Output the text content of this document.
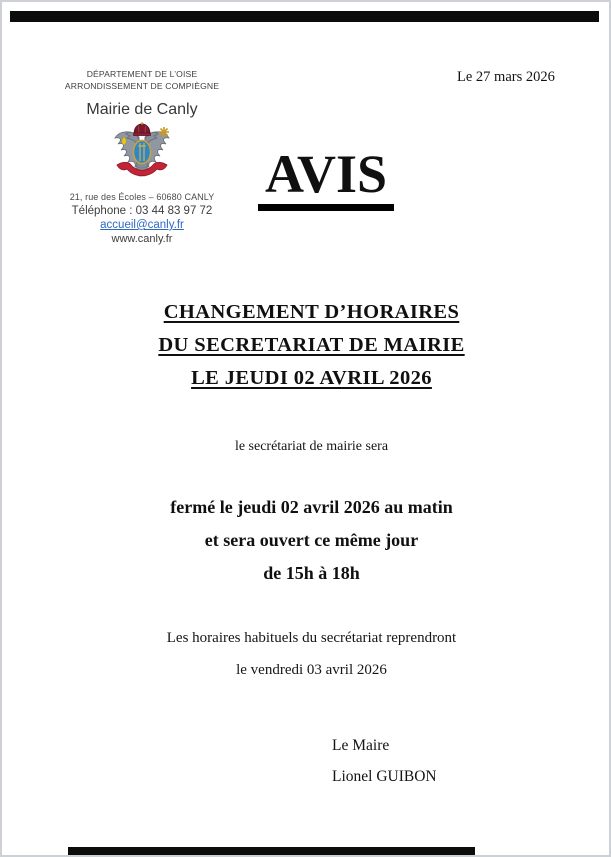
DÉPARTEMENT DE L’OISE
ARRONDISSEMENT DE COMPIÈGNE
Mairie de Canly
21, rue des Écoles – 60680 CANLY
Téléphone : 03 44 83 97 72
accueil@canly.fr
www.canly.fr
Le 27 mars 2026
AVIS
CHANGEMENT D’HORAIRES
DU SECRETARIAT DE MAIRIE
LE JEUDI 02 AVRIL 2026
le secrétariat de mairie sera
fermé le jeudi 02 avril 2026 au matin
et sera ouvert ce même jour
de 15h à 18h
Les horaires habituels du secrétariat reprendront
le vendredi 03 avril 2026
Le Maire
Lionel GUIBON
